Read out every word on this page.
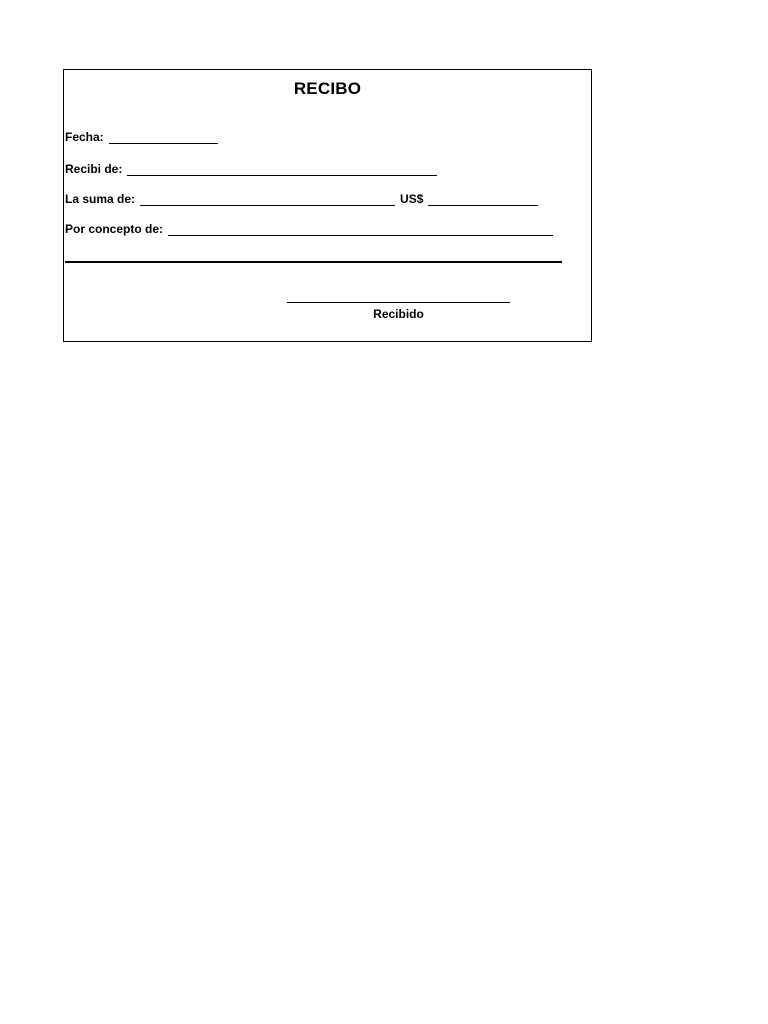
RECIBO
Fecha:
Recibi de:
La suma de:	US$
Por concepto de:
Recibido
